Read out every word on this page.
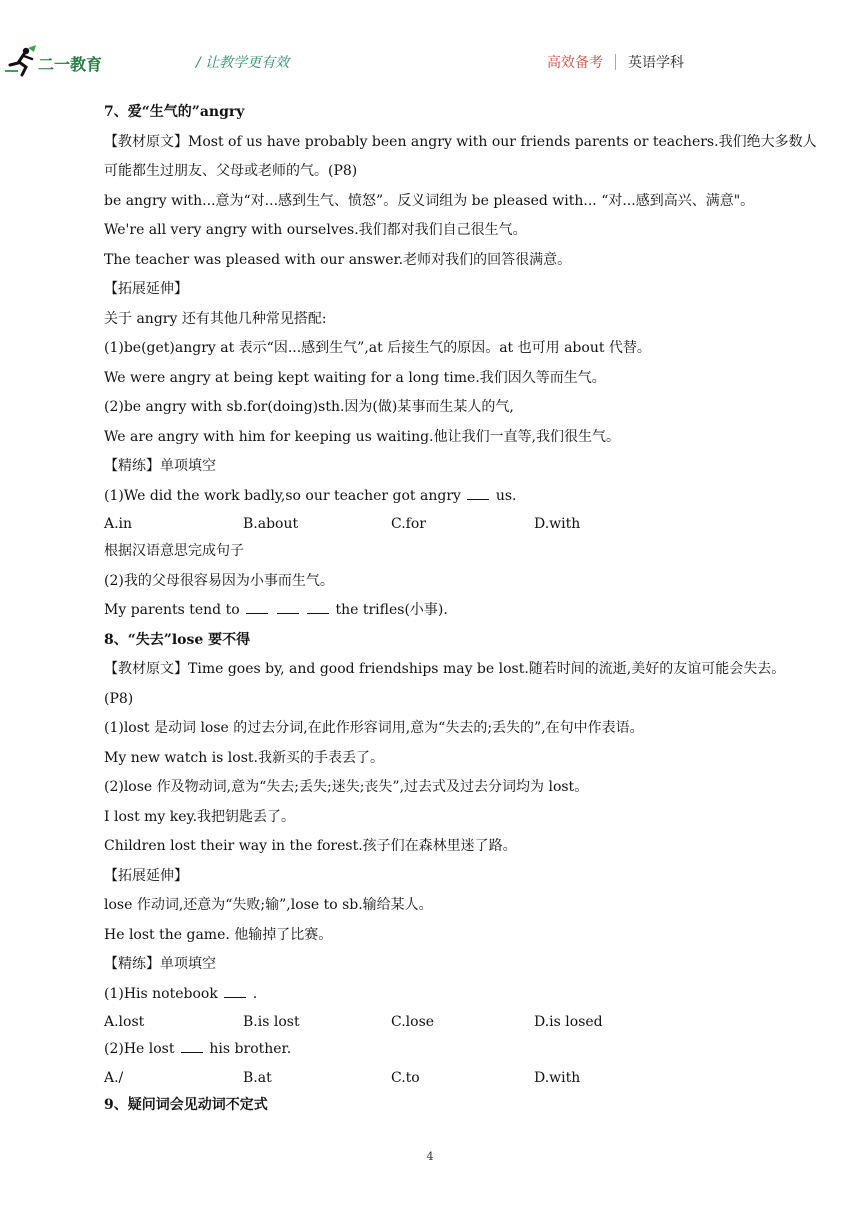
二一教育	/ 让教学更有效	高效备考 英语学科
7、爱“生气的”angry
【教材原文】Most of us have probably been angry with our friends parents or teachers.我们绝大多数人
可能都生过朋友、父母或老师的气。(P8)
be angry with...意为“对...感到生气、愤怒”。反义词组为 be pleased with... “对...感到高兴、满意"。
We're all very angry with ourselves.我们都对我们自己很生气。
The teacher was pleased with our answer.老师对我们的回答很满意。
【拓展延伸】
关于 angry 还有其他几种常见搭配:
(1)be(get)angry at 表示“因...感到生气”,at 后接生气的原因。at 也可用 about 代替。
We were angry at being kept waiting for a long time.我们因久等而生气。
(2)be angry with sb.for(doing)sth.因为(做)某事而生某人的气,
We are angry with him for keeping us waiting.他让我们一直等,我们很生气。
【精练】单项填空
(1)We did the work badly,so our teacher got angry us.
A.in	B.about	C.for	D.with
根据汉语意思完成句子
(2)我的父母很容易因为小事而生气。
My parents tend to	the trifles(小事).
8、“失去”lose 要不得
【教材原文】Time goes by, and good friendships may be lost.随若时间的流逝,美好的友谊可能会失去。
(P8)
(1)lost 是动词 lose 的过去分词,在此作形容词用,意为“失去的;丢失的”,在句中作表语。
My new watch is lost.我新买的手表丢了。
(2)lose 作及物动词,意为“失去;丢失;迷失;丧失”,过去式及过去分词均为 lost。
I lost my key.我把钥匙丢了。
Children lost their way in the forest.孩子们在森林里迷了路。
【拓展延伸】
lose 作动词,还意为“失败;输”,lose to sb.输给某人。
He lost the game. 他输掉了比赛。
【精练】单项填空
(1)His notebook .
A.lost	B.is lost	C.lose	D.is losed
(2)He lost his brother.
A./	B.at	C.to	D.with
9、疑问词会见动词不定式
4
